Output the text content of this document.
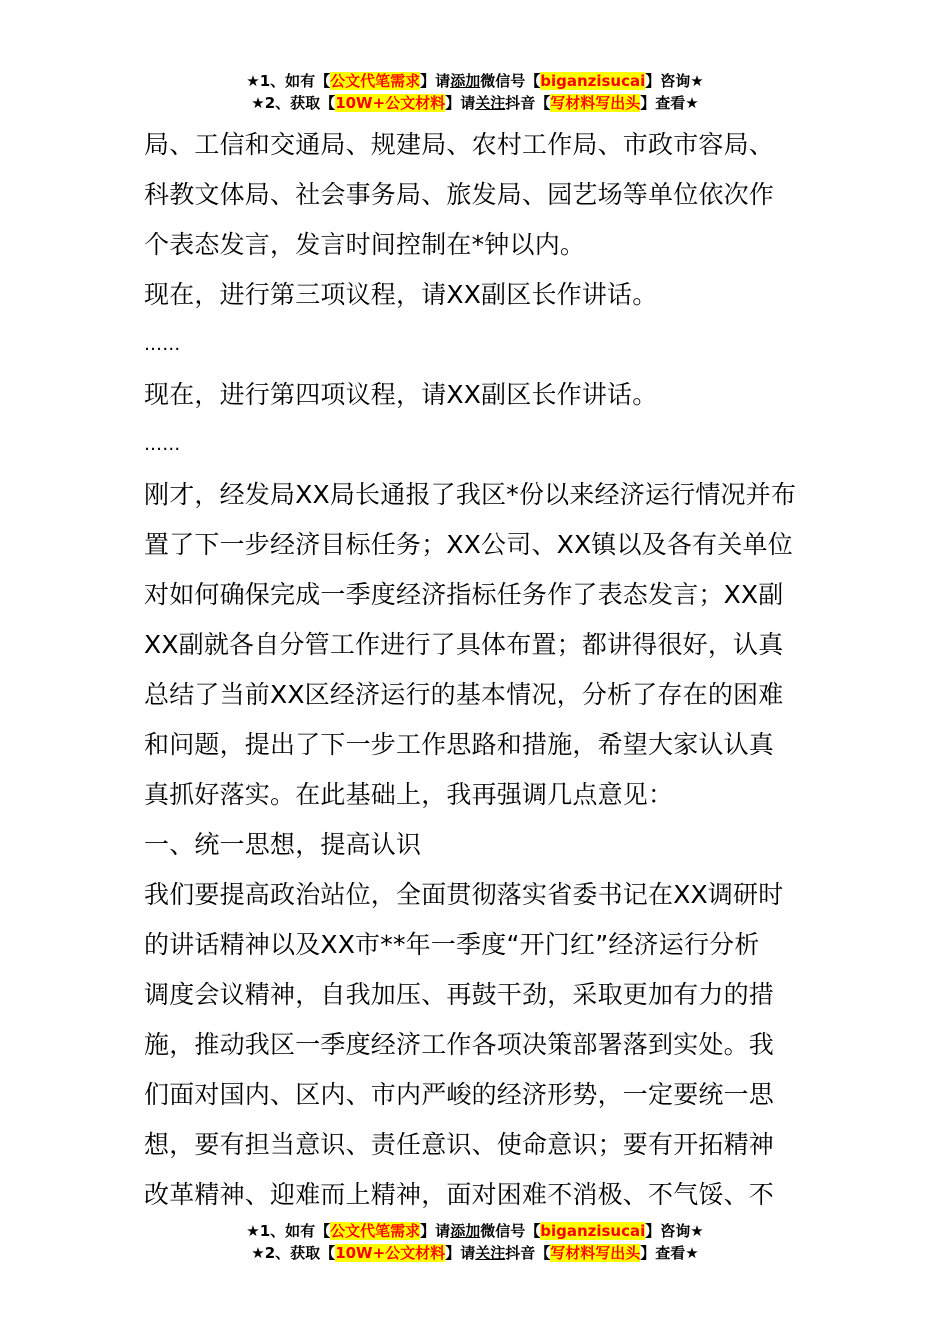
★1、如有【公文代笔需求】请添加微信号【biganzisucai】咨询★
★2、获取【10W+公文材料】请关注抖音【写材料写出头】查看★

局、工信和交通局、规建局、农村工作局、市政市容局、

科教文体局、社会事务局、旅发局、园艺场等单位依次作

个表态发言，发言时间控制在*钟以内。

现在，进行第三项议程，请XX副区长作讲话。

……

现在，进行第四项议程，请XX副区长作讲话。

……

刚才，经发局XX局长通报了我区*份以来经济运行情况并布

置了下一步经济目标任务；XX公司、XX镇以及各有关单位

对如何确保完成一季度经济指标任务作了表态发言；XX副

XX副就各自分管工作进行了具体布置；都讲得很好，认真

总结了当前XX区经济运行的基本情况，分析了存在的困难

和问题，提出了下一步工作思路和措施，希望大家认认真

真抓好落实。在此基础上，我再强调几点意见：

一、统一思想，提高认识

我们要提高政治站位，全面贯彻落实省委书记在XX调研时

的讲话精神以及XX市**年一季度“开门红”经济运行分析

调度会议精神，自我加压、再鼓干劲，采取更加有力的措

施，推动我区一季度经济工作各项决策部署落到实处。我

们面对国内、区内、市内严峻的经济形势，一定要统一思

想，要有担当意识、责任意识、使命意识；要有开拓精神

改革精神、迎难而上精神，面对困难不消极、不气馁、不

★1、如有【公文代笔需求】请添加微信号【biganzisucai】咨询★
★2、获取【10W+公文材料】请关注抖音【写材料写出头】查看★
